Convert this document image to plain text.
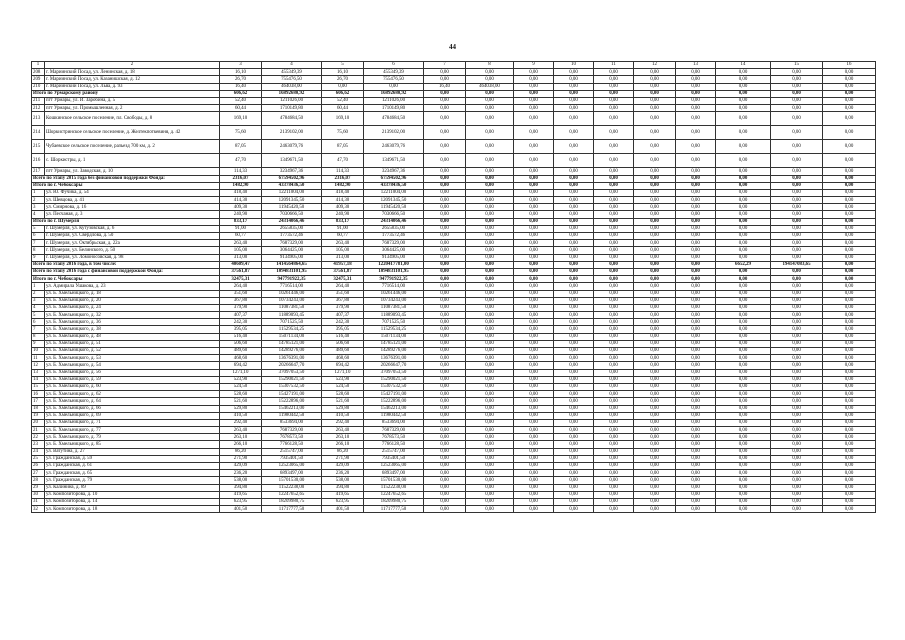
44
1	2	3	4	5	6	7	8	9	10	11	12	13	14	15	16	
208	г. Мариинский Посад, ул. Ленинская, д. 18	16,10	455349,39	16,10	455349,39	0,00	0,00	0,00	0,00	0,00	0,00	0,00	0,00	0,00	0,00	
209	г. Мариинский Посад, ул. Казанишская, д. 12	26,70	755476,50	26,70	755476,50	0,00	0,00	0,00	0,00	0,00	0,00	0,00	0,00	0,00	0,00	
210	г. Мариинский Посад, ул. Льва, д. 93	16,40	464038,00	0,00	0,00	16,40	464038,00	0,00	0,00	0,00	0,00	0,00	0,00	0,00	0,00	
Итого по Урмарскому району		606,62	16892680,92	606,62	16892680,92	0,00	0,00	0,00	0,00	0,00	0,00	0,00	0,00	0,00	0,00	
211	пгт Урмары, ул. И. Заробина, д. 5	52,40	1211026,00	52,40	1211026,00	0,00	0,00	0,00	0,00	0,00	0,00	0,00	0,00	0,00	0,00	
212	пгт Урмары, ул. Промышленная, д. 2	60,44	1710149,80	60,44	1710149,80	0,00	0,00	0,00	0,00	0,00	0,00	0,00	0,00	0,00	0,00	
213	Кошкинское сельское поселение, пл. Свободы, д. 8	169,10	4784684,50	169,10	4784684,50	0,00	0,00	0,00	0,00	0,00	0,00	0,00	0,00	0,00	0,00	
214	Шоркистринское сельское поселение, д. Желтекпоткевиня, д. 42	75,60	2139102,00	75,60	2139102,00	0,00	0,00	0,00	0,00	0,00	0,00	0,00	0,00	0,00	0,00	
215	Чубаевское сельское поселение, разъезд 700 км, д. 2	87,05	2463079,76	87,05	2463079,76	0,00	0,00	0,00	0,00	0,00	0,00	0,00	0,00	0,00	0,00	
216	с. Шоркистры, д. 1	47,70	1349671,50	47,70	1349671,50	0,00	0,00	0,00	0,00	0,00	0,00	0,00	0,00	0,00	0,00	
217	пгт Урмары, ул. Заводская, д. 10	114,33	3234967,36	114,33	3234967,36	0,00	0,00	0,00	0,00	0,00	0,00	0,00	0,00	0,00	0,00	
Всего по этапу 2015 года без финансовой поддержки Фонда:		2316,07	67594502,96	2316,07	67594502,96	0,00	0,00	0,00	0,00	0,00	0,00	0,00	0,00	0,00	0,00	
Итого по г. Чебоксары		1482,90	43378436,50	1482,90	43378436,50	0,00	0,00	0,00	0,00	0,00	0,00	0,00	0,00	0,00	0,00	
1	ул. Ю. Фучика, д. 54	418,40	12211004,00	418,40	12211004,00	0,00	0,00	0,00	0,00	0,00	0,00	0,00	0,00	0,00	0,00	
2	ул. Шевцова, д. 41	414,30	12091345,50	414,30	12091345,50	0,00	0,00	0,00	0,00	0,00	0,00	0,00	0,00	0,00	0,00	
3	ул. Смирнова, д. 16	409,30	11945420,50	409,30	11945420,50	0,00	0,00	0,00	0,00	0,00	0,00	0,00	0,00	0,00	0,00	
4	ул. Песчаная, д. 3	240,90	7030666,50	240,90	7030666,50	0,00	0,00	0,00	0,00	0,00	0,00	0,00	0,00	0,00	0,00	
Итого по г. Шумерля		833,17	24314066,46	833,17	24314066,46	0,00	0,00	0,00	0,00	0,00	0,00	0,00	0,00	0,00	0,00	
5	г. Шумерля, ул. Кутузовская, д. 6	91,00	2655835,00	91,00	2655835,00	0,00	0,00	0,00	0,00	0,00	0,00	0,00	0,00	0,00	0,00	
6	г. Шумерля, ул. Свердлова, д. 50	60,77	1773572,46	60,77	1773572,46	0,00	0,00	0,00	0,00	0,00	0,00	0,00	0,00	0,00	0,00	
7	г. Шумерля, ул. Октябрьская, д. 22а	263,40	7687329,00	263,40	7687329,00	0,00	0,00	0,00	0,00	0,00	0,00	0,00	0,00	0,00	0,00	
8	г. Шумерля, ул. Белинского, д. 50	105,00	3064425,00	105,00	3064425,00	0,00	0,00	0,00	0,00	0,00	0,00	0,00	0,00	0,00	0,00	
9	г. Шумерля, ул. Ломоносовская, д. 98	313,00	9134905,00	313,00	9134905,00	0,00	0,00	0,00	0,00	0,00	0,00	0,00	0,00	0,00	0,00	
Всего по этапу 2016 года, в том числе:		40609,47	1414564864,65	41957,18	1220417781,00	0,00	0,00	0,00	0,00	0,00	0,00	0,00	6652,29	194147083,65	0,00	
Всего по этапу 2016 года с финансовой поддержкой Фонда:		37561,87	1094831101,95	37561,87	1094831101,95	0,00	0,00	0,00	0,00	0,00	0,00	0,00	0,00	0,00	0,00	
Итого по г. Чебоксары		32475,31	947791922,35	32475,31	947791922,35	0,00	0,00	0,00	0,00	0,00	0,00	0,00	0,00	0,00	0,00	
1	ул. Адмирала Ушакова, д. 23	264,40	7716514,00	264,40	7716514,00	0,00	0,00	0,00	0,00	0,00	0,00	0,00	0,00	0,00	0,00	
2	ул. Б. Хмельницкого, д. 18	351,60	10261446,00	351,60	10261446,00	0,00	0,00	0,00	0,00	0,00	0,00	0,00	0,00	0,00	0,00	
3	ул. Б. Хмельницкого, д. 20	367,80	10734243,00	367,80	10734243,00	0,00	0,00	0,00	0,00	0,00	0,00	0,00	0,00	0,00	0,00	
4	ул. Б. Хмельницкого, д. 24	379,90	11087381,50	379,90	11087381,50	0,00	0,00	0,00	0,00	0,00	0,00	0,00	0,00	0,00	0,00	
5	ул. Б. Хмельницкого, д. 32	407,37	11889093,45	407,37	11889093,45	0,00	0,00	0,00	0,00	0,00	0,00	0,00	0,00	0,00	0,00	
6	ул. Б. Хмельницкого, д. 36	242,30	7071525,50	242,30	7071525,50	0,00	0,00	0,00	0,00	0,00	0,00	0,00	0,00	0,00	0,00	
7	ул. Б. Хмельницкого, д. 38	395,05	11529534,25	395,05	11529534,25	0,00	0,00	0,00	0,00	0,00	0,00	0,00	0,00	0,00	0,00	
8	ул. Б. Хмельницкого, д. 48	516,40	15071134,00	516,40	15071134,00	0,00	0,00	0,00	0,00	0,00	0,00	0,00	0,00	0,00	0,00	
9	ул. Б. Хмельницкого, д. 51	506,60	14785121,00	506,60	14785121,00	0,00	0,00	0,00	0,00	0,00	0,00	0,00	0,00	0,00	0,00	
10	ул. Б. Хмельницкого, д. 52	489,60	14289276,00	489,60	14289276,00	0,00	0,00	0,00	0,00	0,00	0,00	0,00	0,00	0,00	0,00	
11	ул. Б. Хмельницкого, д. 53	468,60	13676391,00	468,60	13676391,00	0,00	0,00	0,00	0,00	0,00	0,00	0,00	0,00	0,00	0,00	
12	ул. Б. Хмельницкого, д. 54	694,42	20266647,70	694,42	20266647,70	0,00	0,00	0,00	0,00	0,00	0,00	0,00	0,00	0,00	0,00	
13	ул. Б. Хмельницкого, д. 56	1271,10	37097053,50	1271,10	37097053,50	0,00	0,00	0,00	0,00	0,00	0,00	0,00	0,00	0,00	0,00	
14	ул. Б. Хмельницкого, д. 59	523,90	15290021,50	523,90	15290021,50	0,00	0,00	0,00	0,00	0,00	0,00	0,00	0,00	0,00	0,00	
15	ул. Б. Хмельницкого, д. 60	524,50	15307532,50	524,50	15307532,50	0,00	0,00	0,00	0,00	0,00	0,00	0,00	0,00	0,00	0,00	
16	ул. Б. Хмельницкого, д. 62	528,60	15427191,00	528,60	15427191,00	0,00	0,00	0,00	0,00	0,00	0,00	0,00	0,00	0,00	0,00	
17	ул. Б. Хмельницкого, д. 64	521,60	15222896,00	521,60	15222896,00	0,00	0,00	0,00	0,00	0,00	0,00	0,00	0,00	0,00	0,00	
18	ул. Б. Хмельницкого, д. 66	529,80	15462213,00	529,80	15462213,00	0,00	0,00	0,00	0,00	0,00	0,00	0,00	0,00	0,00	0,00	
19	ул. Б. Хмельницкого, д. 69	410,50	11980442,50	410,50	11980442,50	0,00	0,00	0,00	0,00	0,00	0,00	0,00	0,00	0,00	0,00	
20	ул. Б. Хмельницкого, д. 71	292,40	8533694,00	292,40	8533694,00	0,00	0,00	0,00	0,00	0,00	0,00	0,00	0,00	0,00	0,00	
21	ул. Б. Хмельницкого, д. 77	263,40	7687329,00	263,40	7687329,00	0,00	0,00	0,00	0,00	0,00	0,00	0,00	0,00	0,00	0,00	
22	ул. Б. Хмельницкого, д. 79	263,10	7678573,50	263,10	7678573,50	0,00	0,00	0,00	0,00	0,00	0,00	0,00	0,00	0,00	0,00	
23	ул. Б. Хмельницкого, д. 85	266,10	7766128,50	266,10	7766128,50	0,00	0,00	0,00	0,00	0,00	0,00	0,00	0,00	0,00	0,00	
24	ул. Ватутина, д. 27	86,20	2515747,00	86,20	2515747,00	0,00	0,00	0,00	0,00	0,00	0,00	0,00	0,00	0,00	0,00	
25	ул. Гражданская, д. 59	271,90	7935401,50	271,90	7935401,50	0,00	0,00	0,00	0,00	0,00	0,00	0,00	0,00	0,00	0,00	
26	ул. Гражданская, д. 61	429,09	12523065,00	429,09	12523065,00	0,00	0,00	0,00	0,00	0,00	0,00	0,00	0,00	0,00	0,00	
27	ул. Гражданская, д. 65	236,20	6893497,00	236,20	6893497,00	0,00	0,00	0,00	0,00	0,00	0,00	0,00	0,00	0,00	0,00	
28	ул. Гражданская, д. 79	538,00	15701530,00	538,00	15701530,00	0,00	0,00	0,00	0,00	0,00	0,00	0,00	0,00	0,00	0,00	
29	ул. Калинина, д. 89	394,80	11522238,00	394,80	11522238,00	0,00	0,00	0,00	0,00	0,00	0,00	0,00	0,00	0,00	0,00	
30	ул. Композиторова, д. 10	419,65	12247652,65	419,65	12247652,65	0,00	0,00	0,00	0,00	0,00	0,00	0,00	0,00	0,00	0,00	
31	ул. Композиторова, д. 14	623,95	18209980,75	623,95	18209980,75	0,00	0,00	0,00	0,00	0,00	0,00	0,00	0,00	0,00	0,00	
32	ул. Композиторова, д. 18	401,50	11717777,50	401,50	11717777,50	0,00	0,00	0,00	0,00	0,00	0,00	0,00	0,00	0,00	0,00	
